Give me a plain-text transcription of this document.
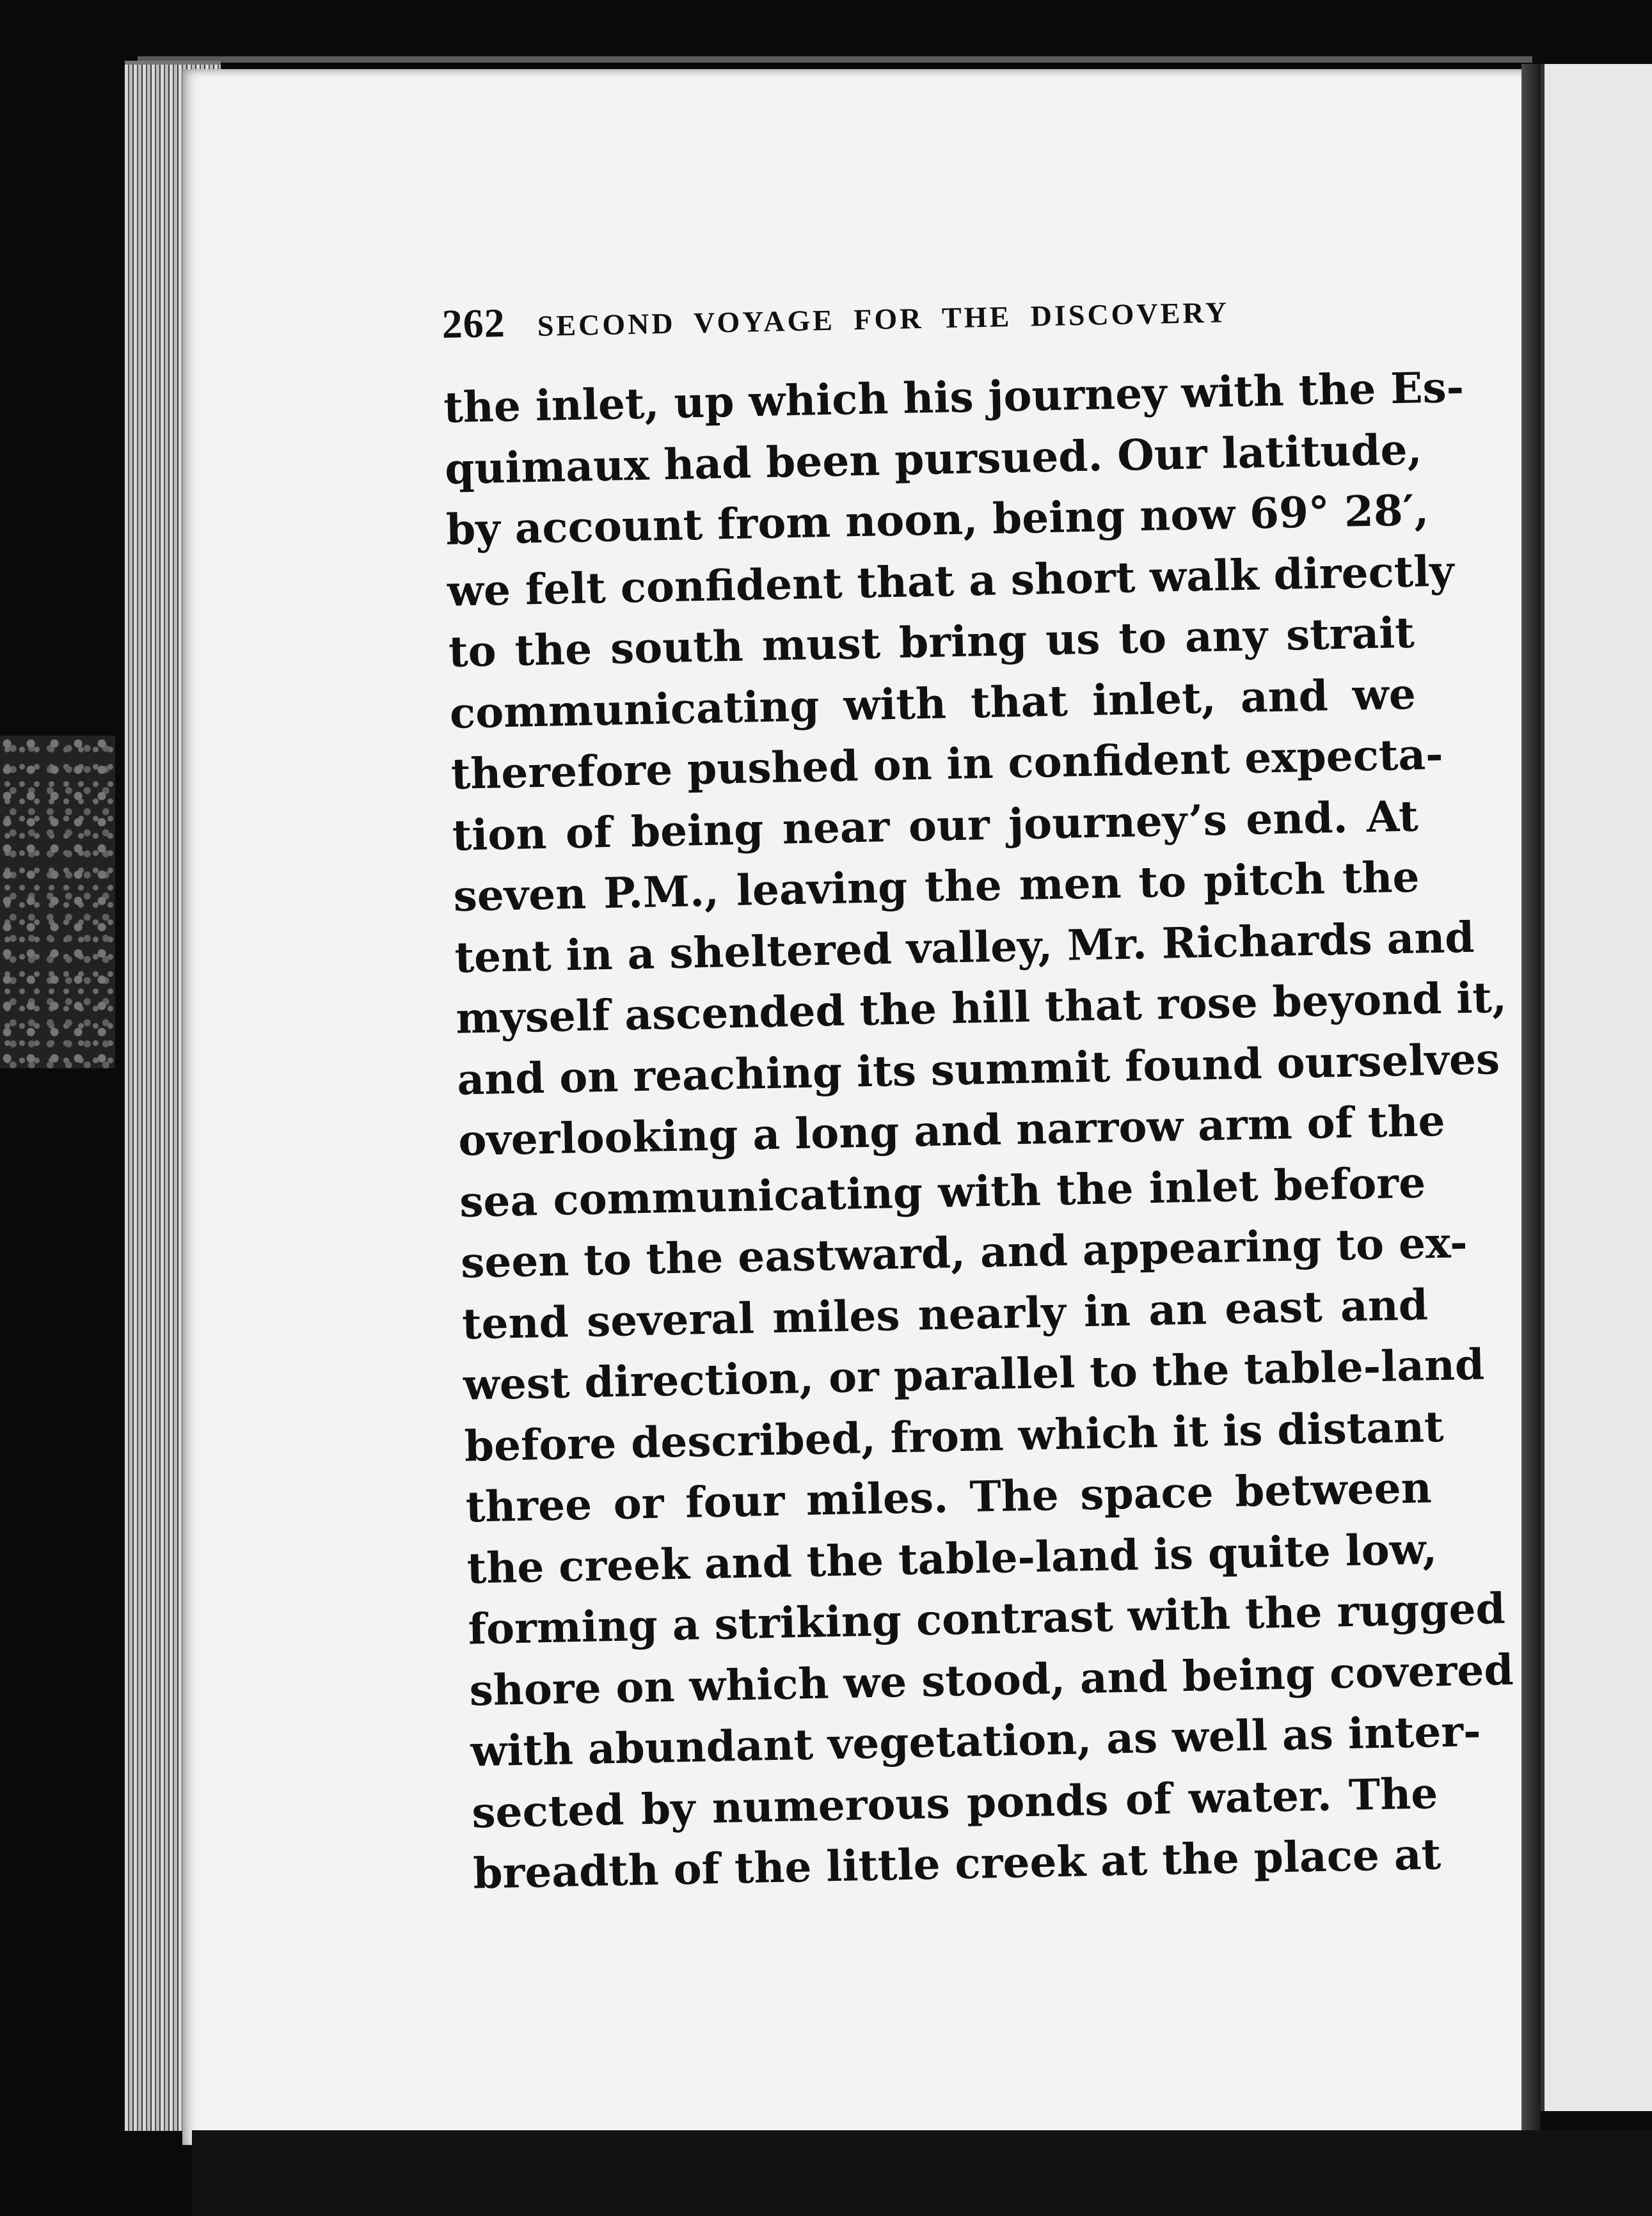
262 SECOND VOYAGE FOR THE DISCOVERY
the inlet, up which his journey with the Es-
quimaux had been pursued. Our latitude,
by account from noon, being now 69° 28′,
we felt confident that a short walk directly
to the south must bring us to any strait
communicating with that inlet, and we
therefore pushed on in confident expecta-
tion of being near our journey’s end. At
seven P.M., leaving the men to pitch the
tent in a sheltered valley, Mr. Richards and
myself ascended the hill that rose beyond it,
and on reaching its summit found ourselves
overlooking a long and narrow arm of the
sea communicating with the inlet before
seen to the eastward, and appearing to ex-
tend several miles nearly in an east and
west direction, or parallel to the table-land
before described, from which it is distant
three or four miles. The space between
the creek and the table-land is quite low,
forming a striking contrast with the rugged
shore on which we stood, and being covered
with abundant vegetation, as well as inter-
sected by numerous ponds of water. The
breadth of the little creek at the place at
